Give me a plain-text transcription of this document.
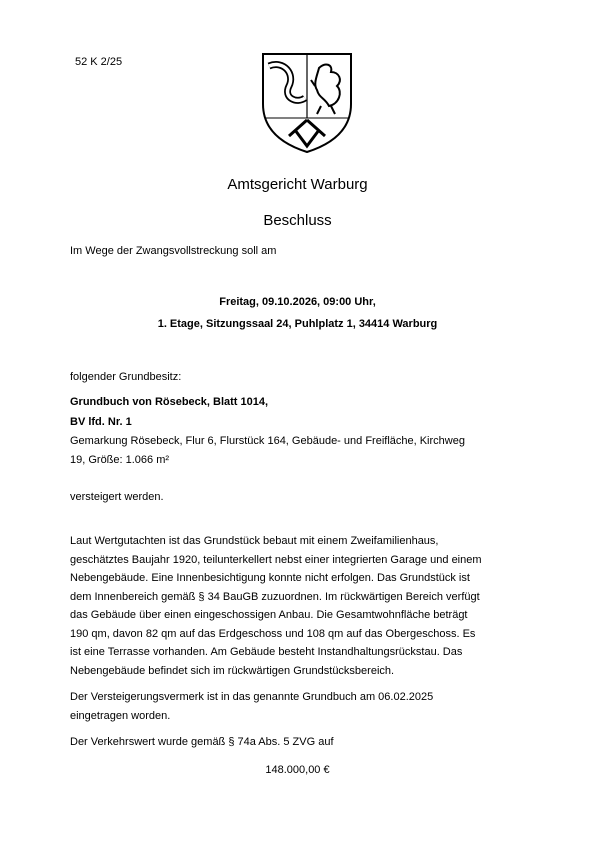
52 K 2/25
Amtsgericht Warburg
Beschluss
Im Wege der Zwangsvollstreckung soll am
Freitag, 09.10.2026, 09:00 Uhr,
1. Etage, Sitzungssaal 24, Puhlplatz 1, 34414 Warburg
folgender Grundbesitz:
Grundbuch von Rösebeck, Blatt 1014,
BV lfd. Nr. 1
Gemarkung Rösebeck, Flur 6, Flurstück 164, Gebäude- und Freifläche, Kirchweg
19, Größe: 1.066 m²
versteigert werden.
Laut Wertgutachten ist das Grundstück bebaut mit einem Zweifamilienhaus,
geschätztes Baujahr 1920, teilunterkellert nebst einer integrierten Garage und einem
Nebengebäude. Eine Innenbesichtigung konnte nicht erfolgen. Das Grundstück ist
dem Innenbereich gemäß § 34 BauGB zuzuordnen. Im rückwärtigen Bereich verfügt
das Gebäude über einen eingeschossigen Anbau. Die Gesamtwohnfläche beträgt
190 qm, davon 82 qm auf das Erdgeschoss und 108 qm auf das Obergeschoss. Es
ist eine Terrasse vorhanden. Am Gebäude besteht Instandhaltungsrückstau. Das
Nebengebäude befindet sich im rückwärtigen Grundstücksbereich.
Der Versteigerungsvermerk ist in das genannte Grundbuch am 06.02.2025
eingetragen worden.
Der Verkehrswert wurde gemäß § 74a Abs. 5 ZVG auf
148.000,00 €
